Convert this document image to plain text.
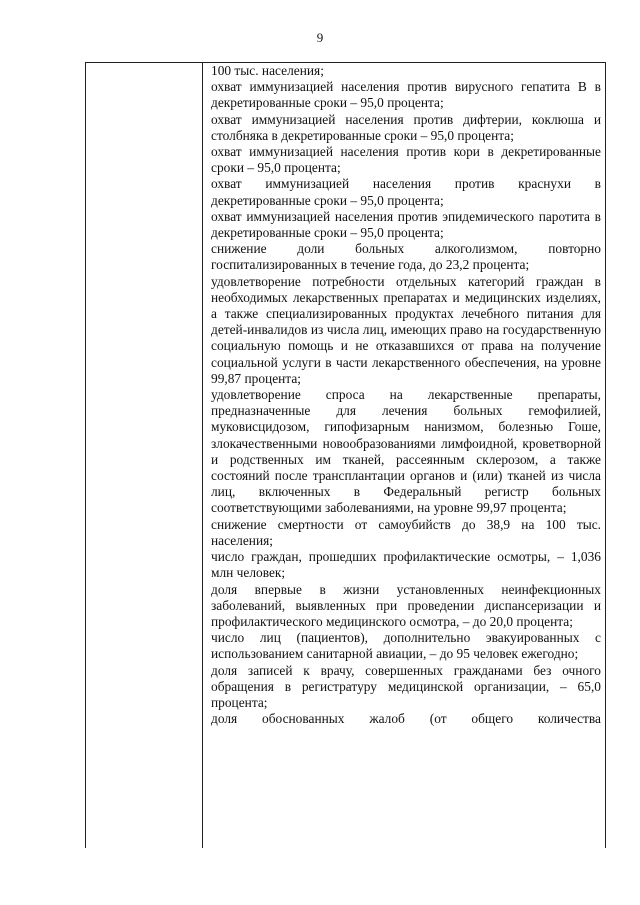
9

100 тыс. населения;

охват иммунизацией населения против вирусного гепатита В в декретированные сроки – 95,0 процента;

охват иммунизацией населения против дифтерии, коклюша и столбняка в декретированные сроки – 95,0 процента;

охват иммунизацией населения против кори в декретированные сроки – 95,0 процента;

охват иммунизацией населения против краснухи в декретированные сроки – 95,0 процента;

охват иммунизацией населения против эпидемического паротита в декретированные сроки – 95,0 процента;

снижение доли больных алкоголизмом, повторно госпитализированных в течение года, до 23,2 процента;

удовлетворение потребности отдельных категорий граждан в необходимых лекарственных препаратах и медицинских изделиях, а также специализированных продуктах лечебного питания для детей-инвалидов из числа лиц, имеющих право на государственную социальную помощь и не отказавшихся от права на получение социальной услуги в части лекарственного обеспечения, на уровне 99,87 процента;

удовлетворение спроса на лекарственные препараты, предназначенные для лечения больных гемофилией, муковисцидозом, гипофизарным нанизмом, болезнью Гоше, злокачественными новообразованиями лимфоидной, кроветворной и родственных им тканей, рассеянным склерозом, а также состояний после трансплантации органов и (или) тканей из числа лиц, включенных в Федеральный регистр больных соответствующими заболеваниями, на уровне 99,97 процента;

снижение смертности от самоубийств до 38,9 на 100 тыс. населения;

число граждан, прошедших профилактические осмотры, – 1,036 млн человек;

доля впервые в жизни установленных неинфекционных заболеваний, выявленных при проведении диспансеризации и профилактического медицинского осмотра, – до 20,0 процента;

число лиц (пациентов), дополнительно эвакуированных с использованием санитарной авиации, – до 95 человек ежегодно;

доля записей к врачу, совершенных гражданами без очного обращения в регистратуру медицинской организации, – 65,0 процента;

доля обоснованных жалоб (от общего количества
